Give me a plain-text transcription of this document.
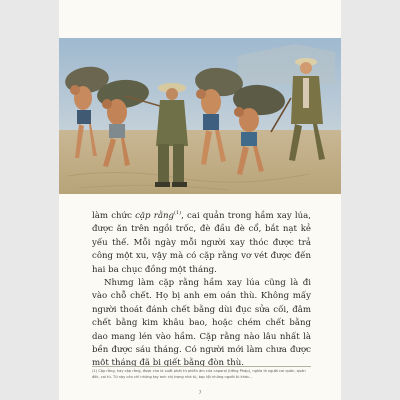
làm chức cặp rằng$^{(1)}$, cai quản trong hầm xay lúa, được ăn trên ngồi trốc, đè đầu đè cổ, bắt nạt kẻ yếu thế. Mỗi ngày mỗi người xay thóc được trả công một xu, vậy mà có cặp rằng vơ vét được đến hai ba chục đồng một tháng.

Nhưng làm cặp rằng hầm xay lúa cũng là đi vào chỗ chết. Họ bị anh em oán thù. Không mấy người thoát đánh chết bằng dùi đục sửa cối, đâm chết bằng kim khâu bao, hoặc chém chết bằng dao mang lén vào hầm. Cặp rằng nào lâu nhất là bền được sáu tháng. Có người mới làm chưa được một tháng đã bị giết bằng đòn thù.

(1) Cặp rằng, hay cặp rằng, được cho là xuất phát từ phiên âm của caporal (tiếng Pháp), nghĩa là người cai quản, quản đốc, cai tù. Từ này còn chỉ những tay anh chị trong nhà tù, bọc lột những người tù khác...

7
